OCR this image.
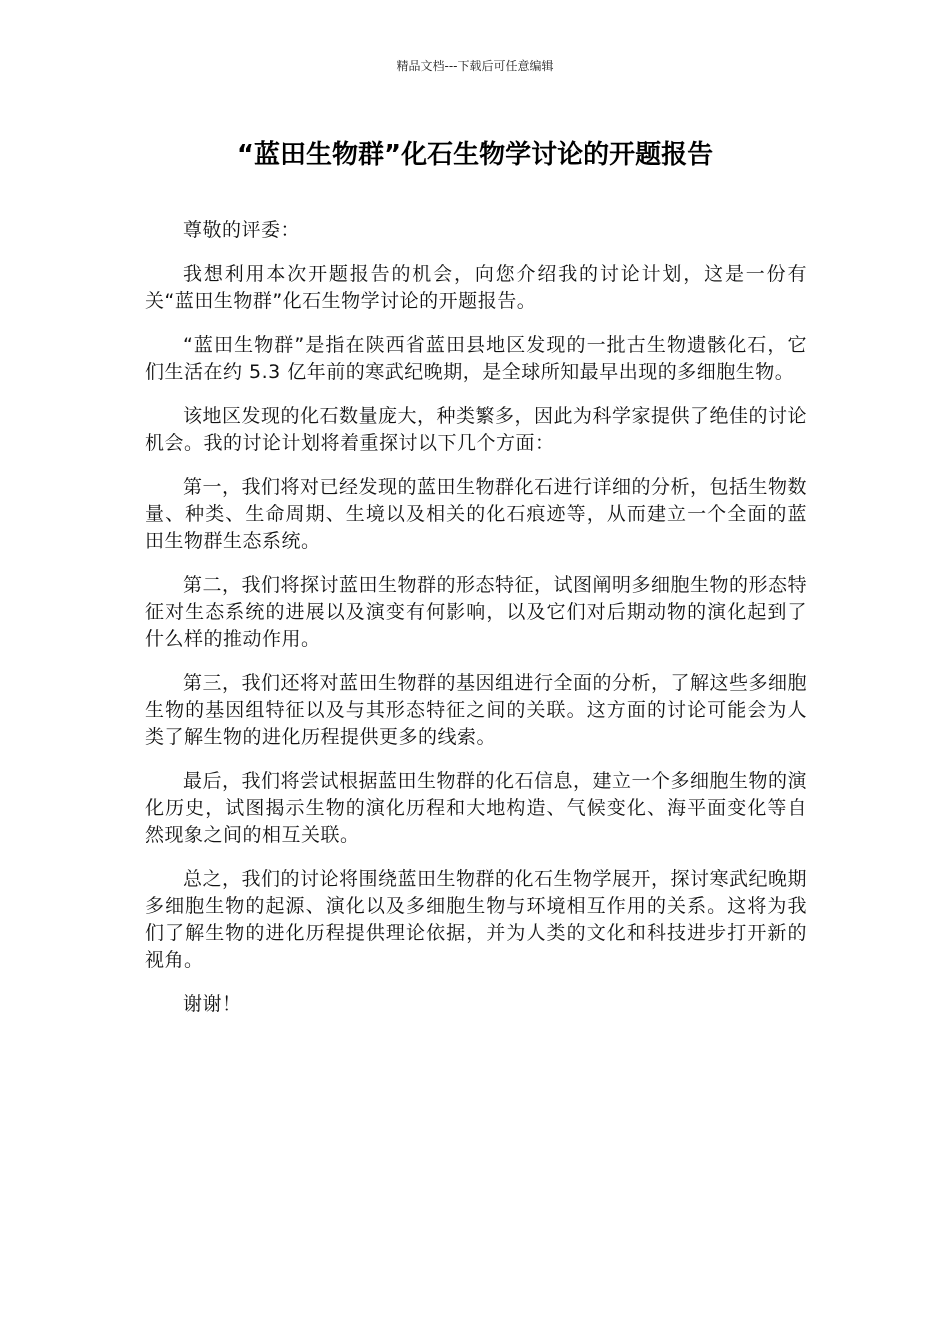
精品文档---下载后可任意编辑
“蓝田生物群”化石生物学讨论的开题报告

尊敬的评委：

我想利用本次开题报告的机会，向您介绍我的讨论计划，这是一份有关“蓝田生物群”化石生物学讨论的开题报告。

“蓝田生物群”是指在陕西省蓝田县地区发现的一批古生物遗骸化石，它们生活在约 5.3 亿年前的寒武纪晚期，是全球所知最早出现的多细胞生物。

该地区发现的化石数量庞大，种类繁多，因此为科学家提供了绝佳的讨论机会。我的讨论计划将着重探讨以下几个方面：

第一，我们将对已经发现的蓝田生物群化石进行详细的分析，包括生物数量、种类、生命周期、生境以及相关的化石痕迹等，从而建立一个全面的蓝田生物群生态系统。

第二，我们将探讨蓝田生物群的形态特征，试图阐明多细胞生物的形态特征对生态系统的进展以及演变有何影响，以及它们对后期动物的演化起到了什么样的推动作用。

第三，我们还将对蓝田生物群的基因组进行全面的分析，了解这些多细胞生物的基因组特征以及与其形态特征之间的关联。这方面的讨论可能会为人类了解生物的进化历程提供更多的线索。

最后，我们将尝试根据蓝田生物群的化石信息，建立一个多细胞生物的演化历史，试图揭示生物的演化历程和大地构造、气候变化、海平面变化等自然现象之间的相互关联。

总之，我们的讨论将围绕蓝田生物群的化石生物学展开，探讨寒武纪晚期多细胞生物的起源、演化以及多细胞生物与环境相互作用的关系。这将为我们了解生物的进化历程提供理论依据，并为人类的文化和科技进步打开新的视角。

谢谢！
